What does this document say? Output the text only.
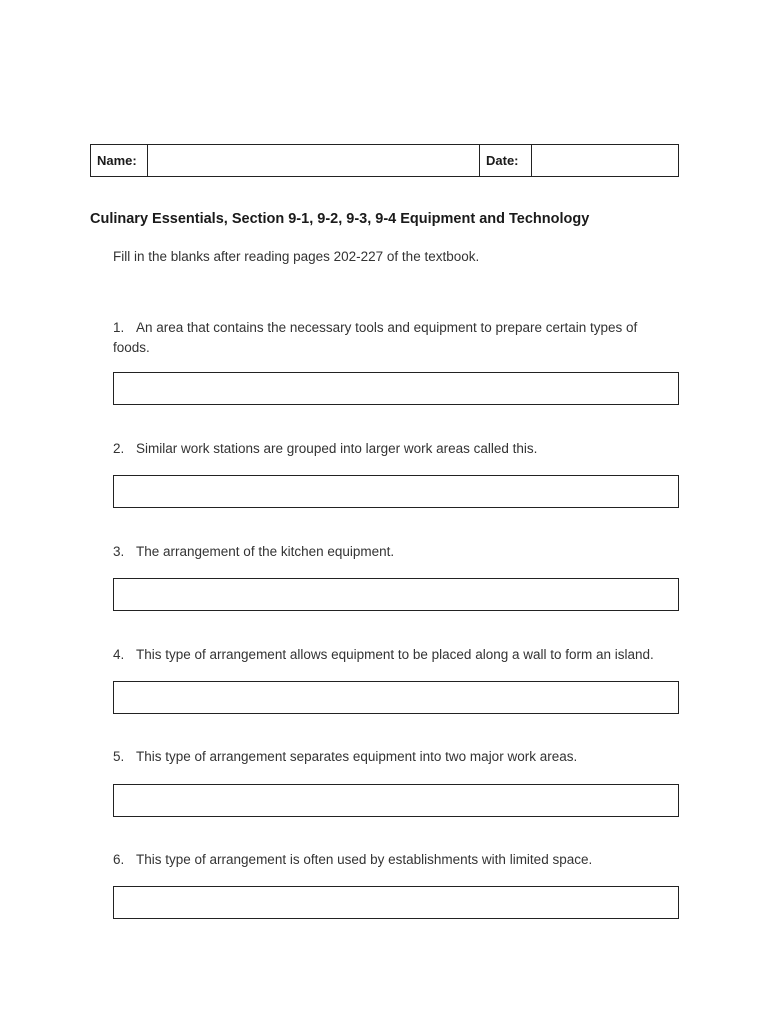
Name:	Date:
Culinary Essentials, Section 9-1, 9-2, 9-3, 9-4 Equipment and Technology
Fill in the blanks after reading pages 202-227 of the textbook.
1. An area that contains the necessary tools and equipment to prepare certain types of foods.
2. Similar work stations are grouped into larger work areas called this.
3. The arrangement of the kitchen equipment.
4. This type of arrangement allows equipment to be placed along a wall to form an island.
5. This type of arrangement separates equipment into two major work areas.
6. This type of arrangement is often used by establishments with limited space.
